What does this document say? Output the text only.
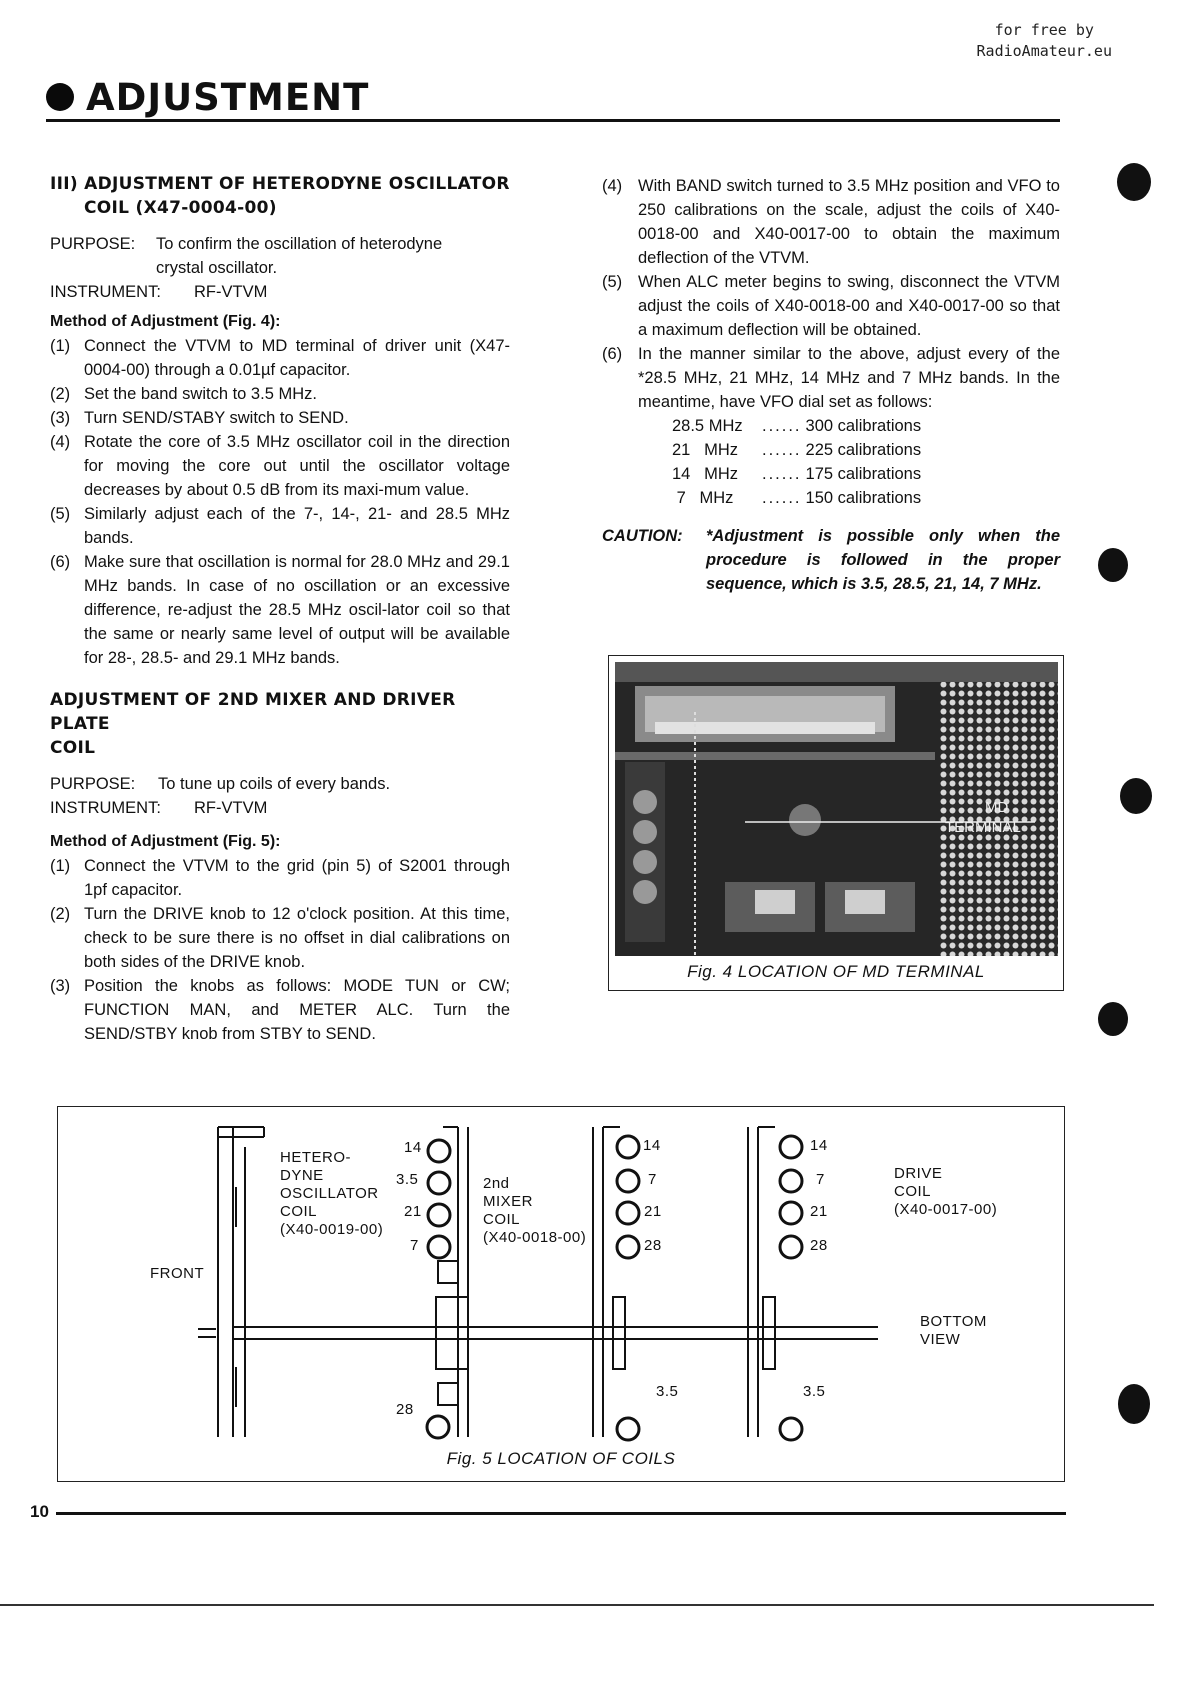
for free by
RadioAmateur.eu
ADJUSTMENT
III) ADJUSTMENT OF HETERODYNE OSCILLATOR
COIL (X47-0004-00)
PURPOSE: To confirm the oscillation of heterodyne
crystal oscillator.
INSTRUMENT: RF-VTVM
Method of Adjustment (Fig. 4):
(1) Connect the VTVM to MD terminal of driver unit (X47-0004-00) through a 0.01µf capacitor.
(2) Set the band switch to 3.5 MHz.
(3) Turn SEND/STABY switch to SEND.
(4) Rotate the core of 3.5 MHz oscillator coil in the direction for moving the core out until the oscillator voltage decreases by about 0.5 dB from its maxi-mum value.
(5) Similarly adjust each of the 7-, 14-, 21- and 28.5 MHz bands.
(6) Make sure that oscillation is normal for 28.0 MHz and 29.1 MHz bands. In case of no oscillation or an excessive difference, re-adjust the 28.5 MHz oscil-lator coil so that the same or nearly same level of output will be available for 28-, 28.5- and 29.1 MHz bands.
ADJUSTMENT OF 2ND MIXER AND DRIVER PLATE
COIL
PURPOSE: To tune up coils of every bands.
INSTRUMENT: RF-VTVM
Method of Adjustment (Fig. 5):
(1) Connect the VTVM to the grid (pin 5) of S2001 through 1pf capacitor.
(2) Turn the DRIVE knob to 12 o'clock position. At this time, check to be sure there is no offset in dial calibrations on both sides of the DRIVE knob.
(3) Position the knobs as follows: MODE TUN or CW; FUNCTION MAN, and METER ALC. Turn the SEND/STBY knob from STBY to SEND.
(4) With BAND switch turned to 3.5 MHz position and VFO to 250 calibrations on the scale, adjust the coils of X40-0018-00 and X40-0017-00 to obtain the maximum deflection of the VTVM.
(5) When ALC meter begins to swing, disconnect the VTVM adjust the coils of X40-0018-00 and X40-0017-00 so that a maximum deflection will be obtained.
(6) In the manner similar to the above, adjust every of the *28.5 MHz, 21 MHz, 14 MHz and 7 MHz bands. In the meantime, have VFO dial set as follows:
28.5 MHz	......	300 calibrations
21   MHz	......	225 calibrations
14   MHz	......	175 calibrations
7   MHz	......	150 calibrations
CAUTION:	*Adjustment is possible only when the procedure is followed in the proper sequence, which is 3.5, 28.5, 21, 14, 7 MHz.
MD
TERMINAL
Fig. 4 LOCATION OF MD TERMINAL
FRONT
HETERO-
DYNE
OSCILLATOR
COIL
(X40-0019-00)
2nd
MIXER
COIL
(X40-0018-00)
DRIVE
COIL
(X40-0017-00)
BOTTOM
VIEW
14
3.5
21
7
28
14
7
21
28
3.5
14
7
21
28
3.5
Fig. 5 LOCATION OF COILS
10
